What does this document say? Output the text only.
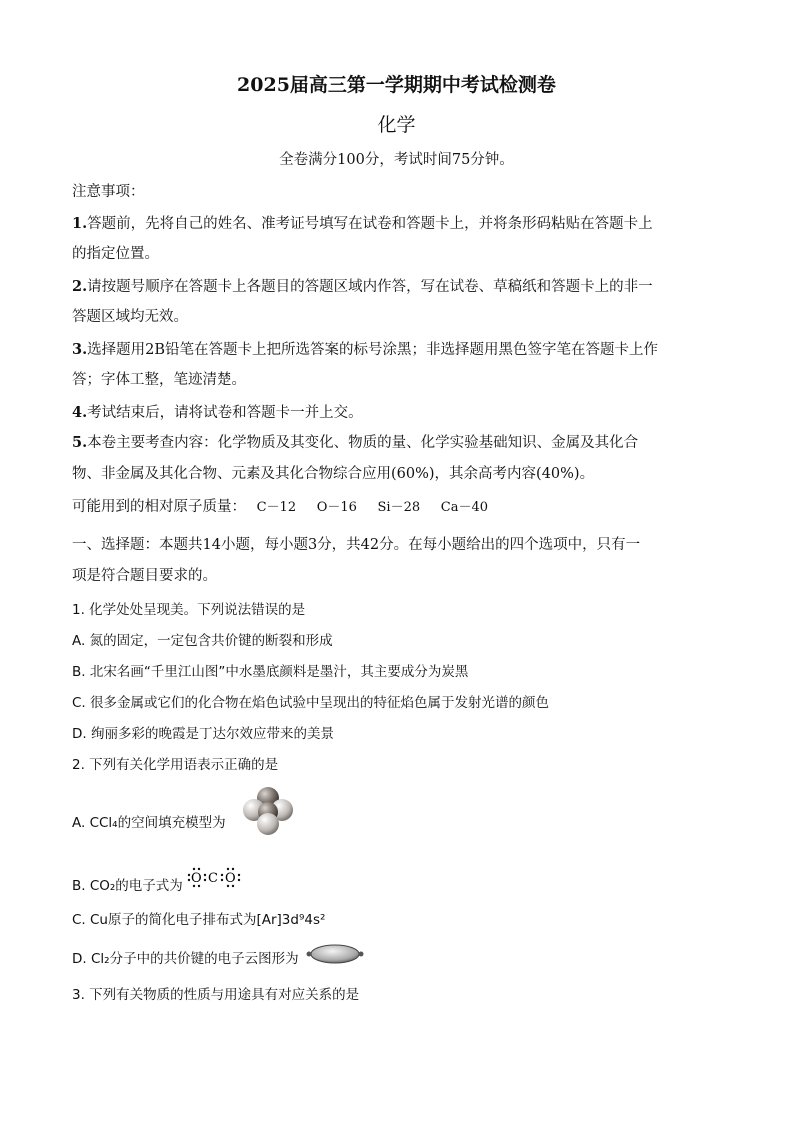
2025届高三第一学期期中考试检测卷
化学
全卷满分100分，考试时间75分钟。
注意事项：
1.答题前，先将自己的姓名、准考证号填写在试卷和答题卡上，并将条形码粘贴在答题卡上
的指定位置。
2.请按题号顺序在答题卡上各题目的答题区域内作答，写在试卷、草稿纸和答题卡上的非一
答题区域均无效。
3.选择题用2B铅笔在答题卡上把所选答案的标号涂黑；非选择题用黑色签字笔在答题卡上作
答；字体工整，笔迹清楚。
4.考试结束后，请将试卷和答题卡一并上交。
5.本卷主要考查内容：化学物质及其变化、物质的量、化学实验基础知识、金属及其化合
物、非金属及其化合物、元素及其化合物综合应用(60%)，其余高考内容(40%)。
可能用到的相对原子质量： C－12 O－16 Si－28 Ca－40
一、选择题：本题共14小题，每小题3分，共42分。在每小题给出的四个选项中，只有一
项是符合题目要求的。
1. 化学处处呈现美。下列说法错误的是
A. 氮的固定，一定包含共价键的断裂和形成
B. 北宋名画“千里江山图”中水墨底颜料是墨汁，其主要成分为炭黑
C. 很多金属或它们的化合物在焰色试验中呈现出的特征焰色属于发射光谱的颜色
D. 绚丽多彩的晚霞是丁达尔效应带来的美景
2. 下列有关化学用语表示正确的是
A. CCl₄的空间填充模型为
B. CO₂的电子式为 O C O
C. Cu原子的简化电子排布式为[Ar]3d⁹4s²
D. Cl₂分子中的共价键的电子云图形为
3. 下列有关物质的性质与用途具有对应关系的是
